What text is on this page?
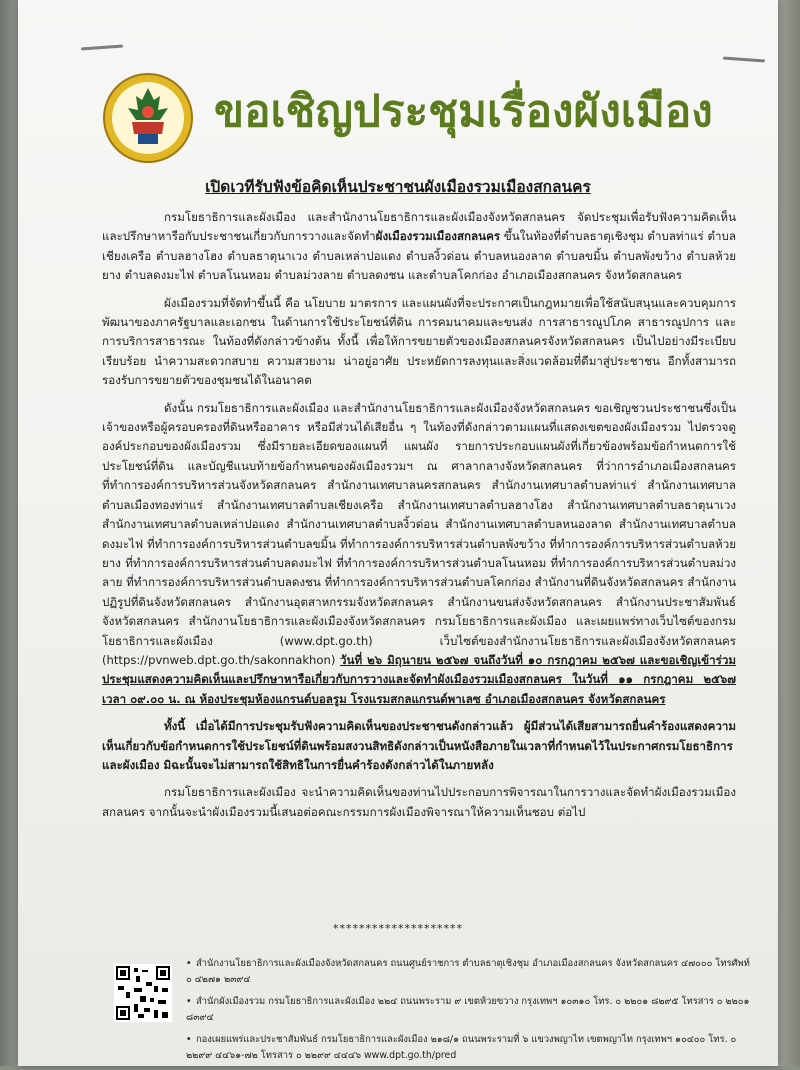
ขอเชิญประชุมเรื่องผังเมือง
เปิดเวทีรับฟังข้อคิดเห็นประชาชนผังเมืองรวมเมืองสกลนคร

กรมโยธาธิการและผังเมือง และสำนักงานโยธาธิการและผังเมืองจังหวัดสกลนคร จัดประชุมเพื่อรับฟังความคิดเห็นและปรึกษาหารือกับประชาชนเกี่ยวกับการวางและจัดทำผังเมืองรวมเมืองสกลนคร ขึ้นในท้องที่ตำบลธาตุเชิงชุม ตำบลท่าแร่ ตำบลเชียงเครือ ตำบลฮางโฮง ตำบลธาตุนาเวง ตำบลเหล่าปอแดง ตำบลงิ้วด่อน ตำบลหนองลาด ตำบลขมิ้น ตำบลพังขว้าง ตำบลห้วยยาง ตำบลดงมะไฟ ตำบลโนนหอม ตำบลม่วงลาย ตำบลดงชน และตำบลโคกก่อง อำเภอเมืองสกลนคร จังหวัดสกลนคร

ผังเมืองรวมที่จัดทำขึ้นนี้ คือ นโยบาย มาตรการ และแผนผังที่จะประกาศเป็นกฎหมายเพื่อใช้สนับสนุนและควบคุมการพัฒนาของภาครัฐบาลและเอกชน ในด้านการใช้ประโยชน์ที่ดิน การคมนาคมและขนส่ง การสาธารณูปโภค สาธารณูปการ และการบริการสาธารณะ ในท้องที่ดังกล่าวข้างต้น ทั้งนี้ เพื่อให้การขยายตัวของเมืองสกลนครจังหวัดสกลนคร เป็นไปอย่างมีระเบียบเรียบร้อย นำความสะดวกสบาย ความสวยงาม น่าอยู่อาศัย ประหยัดการลงทุนและสิ่งแวดล้อมที่ดีมาสู่ประชาชน อีกทั้งสามารถรองรับการขยายตัวของชุมชนได้ในอนาคต

ดังนั้น กรมโยธาธิการและผังเมือง และสำนักงานโยธาธิการและผังเมืองจังหวัดสกลนคร ขอเชิญชวนประชาชนซึ่งเป็นเจ้าของหรือผู้ครอบครองที่ดินหรืออาคาร หรือมีส่วนได้เสียอื่น ๆ ในท้องที่ดังกล่าวตามแผนที่แสดงเขตของผังเมืองรวม ไปตรวจดูองค์ประกอบของผังเมืองรวม ซึ่งมีรายละเอียดของแผนที่ แผนผัง รายการประกอบแผนผังที่เกี่ยวข้องพร้อมข้อกำหนดการใช้ประโยชน์ที่ดิน และบัญชีแนบท้ายข้อกำหนดของผังเมืองรวมฯ ณ ศาลากลางจังหวัดสกลนคร ที่ว่าการอำเภอเมืองสกลนคร ที่ทำการองค์การบริหารส่วนจังหวัดสกลนคร สำนักงานเทศบาลนครสกลนคร สำนักงานเทศบาลตำบลท่าแร่ สำนักงานเทศบาลตำบลเมืองทองท่าแร่ สำนักงานเทศบาลตำบลเชียงเครือ สำนักงานเทศบาลตำบลฮางโฮง สำนักงานเทศบาลตำบลธาตุนาเวง สำนักงานเทศบาลตำบลเหล่าปอแดง สำนักงานเทศบาลตำบลงิ้วด่อน สำนักงานเทศบาลตำบลหนองลาด สำนักงานเทศบาลตำบลดงมะไฟ ที่ทำการองค์การบริหารส่วนตำบลขมิ้น ที่ทำการองค์การบริหารส่วนตำบลพังขว้าง ที่ทำการองค์การบริหารส่วนตำบลห้วยยาง ที่ทำการองค์การบริหารส่วนตำบลดงมะไฟ ที่ทำการองค์การบริหารส่วนตำบลโนนหอม ที่ทำการองค์การบริหารส่วนตำบลม่วงลาย ที่ทำการองค์การบริหารส่วนตำบลดงชน ที่ทำการองค์การบริหารส่วนตำบลโคกก่อง สำนักงานที่ดินจังหวัดสกลนคร สำนักงานปฏิรูปที่ดินจังหวัดสกลนคร สำนักงานอุตสาหกรรมจังหวัดสกลนคร สำนักงานขนส่งจังหวัดสกลนคร สำนักงานประชาสัมพันธ์จังหวัดสกลนคร สำนักงานโยธาธิการและผังเมืองจังหวัดสกลนคร กรมโยธาธิการและผังเมือง และเผยแพร่ทางเว็บไซต์ของกรมโยธาธิการและผังเมือง (www.dpt.go.th) เว็บไซต์ของสำนักงานโยธาธิการและผังเมืองจังหวัดสกลนคร (https://pvnweb.dpt.go.th/sakonnakhon) วันที่ ๒๖ มิถุนายน ๒๕๖๗ จนถึงวันที่ ๑๐ กรกฎาคม ๒๕๖๗ และขอเชิญเข้าร่วมประชุมแสดงความคิดเห็นและปรึกษาหารือเกี่ยวกับการวางและจัดทำผังเมืองรวมเมืองสกลนคร ในวันที่ ๑๑ กรกฎาคม ๒๕๖๗ เวลา ๐๙.๐๐ น. ณ ห้องประชุมห้องแกรนด์บอลรูม โรงแรมสกลแกรนด์พาเลซ อำเภอเมืองสกลนคร จังหวัดสกลนคร

ทั้งนี้ เมื่อได้มีการประชุมรับฟังความคิดเห็นของประชาชนดังกล่าวแล้ว ผู้มีส่วนได้เสียสามารถยื่นคำร้องแสดงความเห็นเกี่ยวกับข้อกำหนดการใช้ประโยชน์ที่ดินพร้อมสงวนสิทธิดังกล่าวเป็นหนังสือภายในเวลาที่กำหนดไว้ในประกาศกรมโยธาธิการและผังเมือง มิฉะนั้นจะไม่สามารถใช้สิทธิในการยื่นคำร้องดังกล่าวได้ในภายหลัง

กรมโยธาธิการและผังเมือง จะนำความคิดเห็นของท่านไปประกอบการพิจารณาในการวางและจัดทำผังเมืองรวมเมืองสกลนคร จากนั้นจะนำผังเมืองรวมนี้เสนอต่อคณะกรรมการผังเมืองพิจารณาให้ความเห็นชอบ ต่อไป

********************
• สำนักงานโยธาธิการและผังเมืองจังหวัดสกลนคร ถนนศูนย์ราชการ ตำบลธาตุเชิงชุม อำเภอเมืองสกลนคร จังหวัดสกลนคร ๔๗๐๐๐ โทรศัพท์ ๐ ๔๒๗๑ ๒๓๙๔
• สำนักผังเมืองรวม กรมโยธาธิการและผังเมือง ๒๒๔ ถนนพระราม ๙ เขตห้วยขวาง กรุงเทพฯ ๑๐๓๑๐ โทร. ๐ ๒๒๐๑ ๘๒๙๕ โทรสาร ๐ ๒๒๐๑ ๘๓๙๔
• กองเผยแพร่และประชาสัมพันธ์ กรมโยธาธิการและผังเมือง ๒๑๘/๑ ถนนพระรามที่ ๖ แขวงพญาไท เขตพญาไท กรุงเทพฯ ๑๐๔๐๐ โทร. ๐ ๒๒๙๙ ๔๔๖๑-๗๒ โทรสาร ๐ ๒๒๙๙ ๔๔๔๖ www.dpt.go.th/pred
